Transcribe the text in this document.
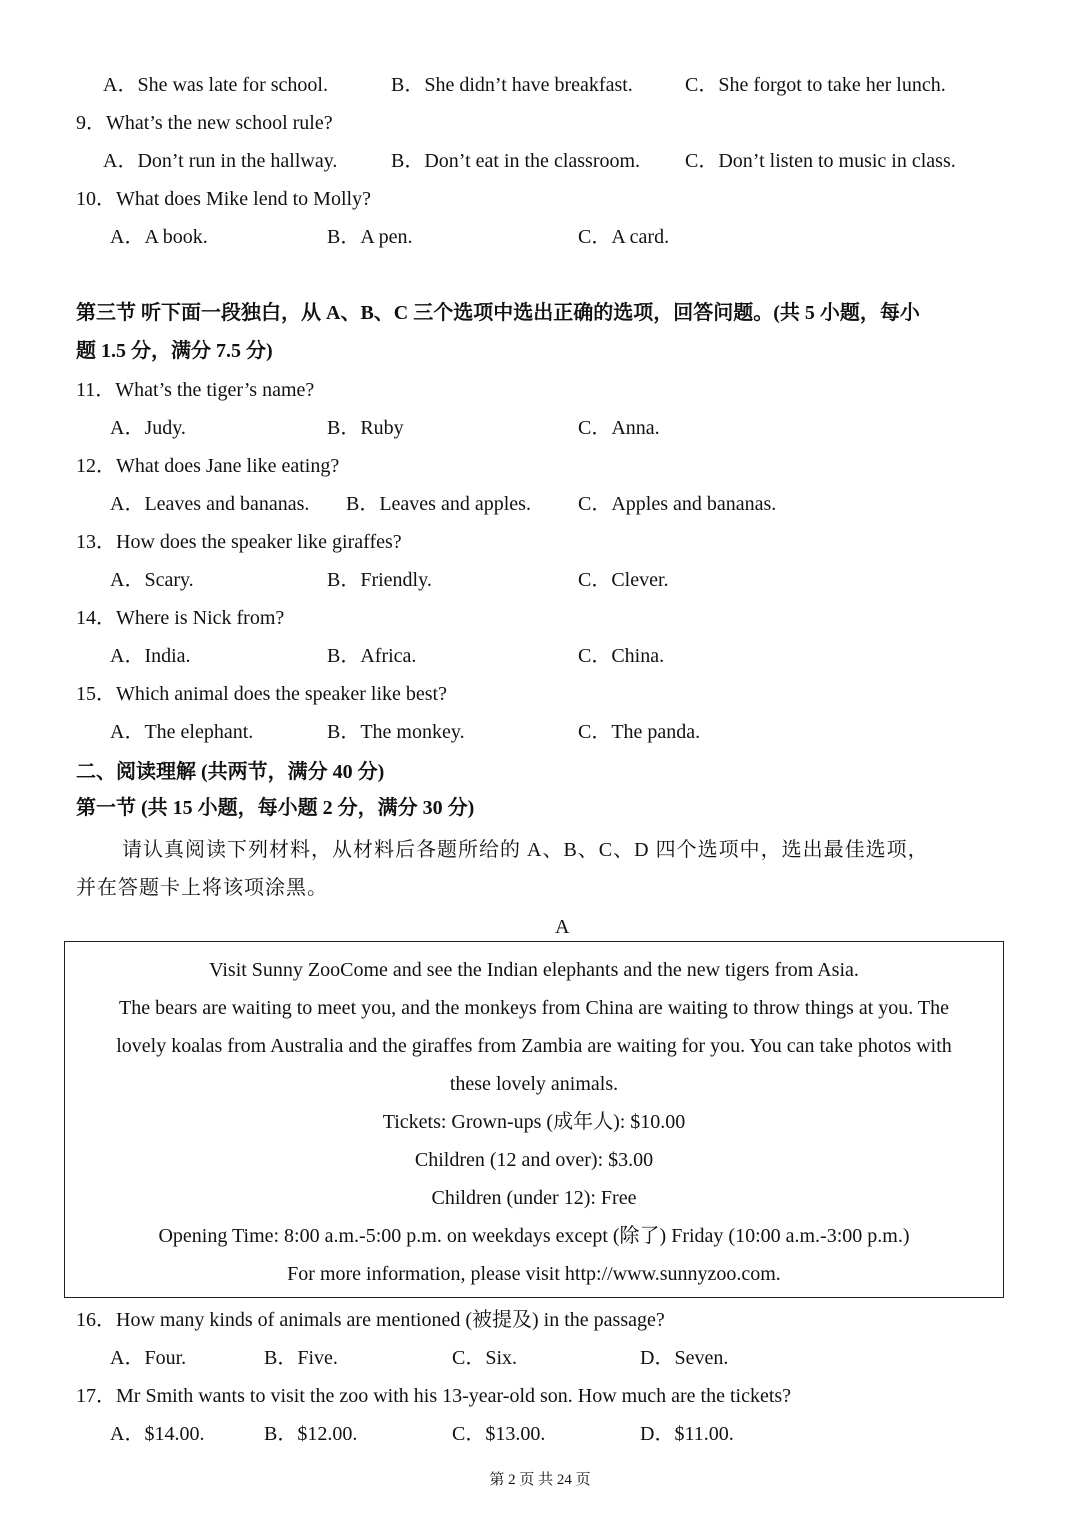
A．She was late for school.	B．She didn’t have breakfast.	C．She forgot to take her lunch.
9．What’s the new school rule?
A．Don’t run in the hallway.	B．Don’t eat in the classroom. C．Don’t listen to music in class.
10．What does Mike lend to Molly?
A．A book.	B．A pen.	C．A card.
第三节 听下面一段独白，从 A、B、C 三个选项中选出正确的选项，回答问题。(共 5 小题，每小
题 1.5 分，满分 7.5 分)
11．What’s the tiger’s name?
A．Judy.	B．Ruby	C．Anna.
12．What does Jane like eating?
A．Leaves and bananas. B．Leaves and apples. C．Apples and bananas.
13．How does the speaker like giraffes?
A．Scary.	B．Friendly.	C．Clever.
14．Where is Nick from?
A．India.	B．Africa.	C．China.
15．Which animal does the speaker like best?
A．The elephant.	B．The monkey.	C．The panda.
二、阅读理解 (共两节，满分 40 分)
第一节 (共 15 小题，每小题 2 分，满分 30 分)
请认真阅读下列材料，从材料后各题所给的 A、B、C、D 四个选项中，选出最佳选项，
并在答题卡上将该项涂黑。
A
Visit Sunny ZooCome and see the Indian elephants and the new tigers from Asia.
The bears are waiting to meet you, and the monkeys from China are waiting to throw things at you. The
lovely koalas from Australia and the giraffes from Zambia are waiting for you. You can take photos with
these lovely animals.
Tickets: Grown-ups (成年人): $10.00
Children (12 and over): $3.00
Children (under 12): Free
Opening Time: 8:00 a.m.-5:00 p.m. on weekdays except (除了) Friday (10:00 a.m.-3:00 p.m.)
For more information, please visit http://www.sunnyzoo.com.
16．How many kinds of animals are mentioned (被提及) in the passage?
A．Four.	B．Five.	C．Six.	D．Seven.
17．Mr Smith wants to visit the zoo with his 13-year-old son. How much are the tickets?
A．$14.00.	B．$12.00.	C．$13.00.	D．$11.00.
第 2 页 共 24 页
